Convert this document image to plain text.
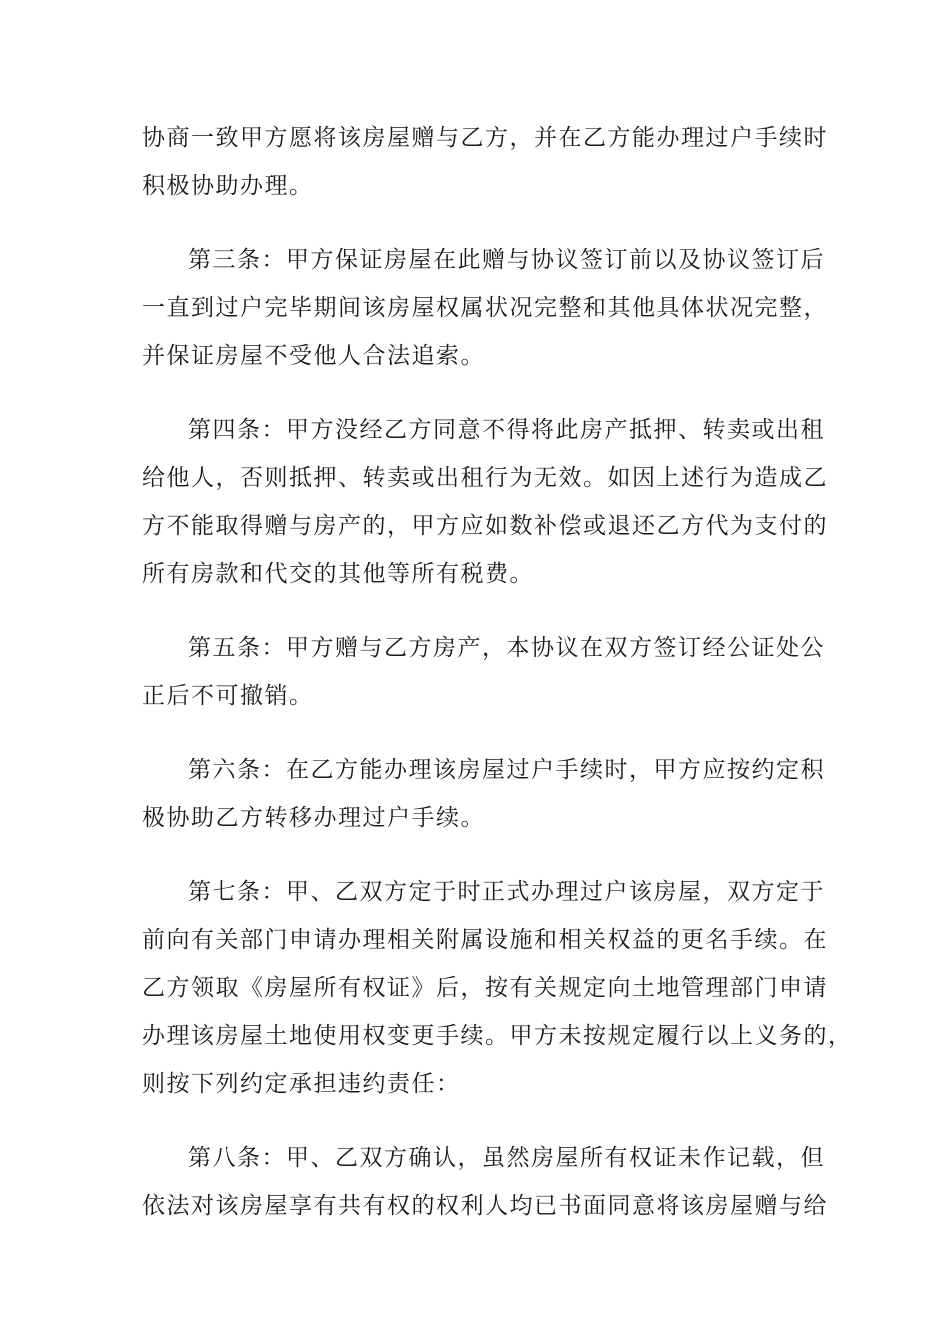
协商一致甲方愿将该房屋赠与乙方，并在乙方能办理过户手续时
积极协助办理。

第三条：甲方保证房屋在此赠与协议签订前以及协议签订后
一直到过户完毕期间该房屋权属状况完整和其他具体状况完整，
并保证房屋不受他人合法追索。

第四条：甲方没经乙方同意不得将此房产抵押、转卖或出租
给他人，否则抵押、转卖或出租行为无效。如因上述行为造成乙
方不能取得赠与房产的，甲方应如数补偿或退还乙方代为支付的
所有房款和代交的其他等所有税费。

第五条：甲方赠与乙方房产，本协议在双方签订经公证处公
正后不可撤销。

第六条：在乙方能办理该房屋过户手续时，甲方应按约定积
极协助乙方转移办理过户手续。

第七条：甲、乙双方定于时正式办理过户该房屋，双方定于
前向有关部门申请办理相关附属设施和相关权益的更名手续。在
乙方领取《房屋所有权证》后，按有关规定向土地管理部门申请
办理该房屋土地使用权变更手续。甲方未按规定履行以上义务的，
则按下列约定承担违约责任：

第八条：甲、乙双方确认，虽然房屋所有权证未作记载，但
依法对该房屋享有共有权的权利人均已书面同意将该房屋赠与给
